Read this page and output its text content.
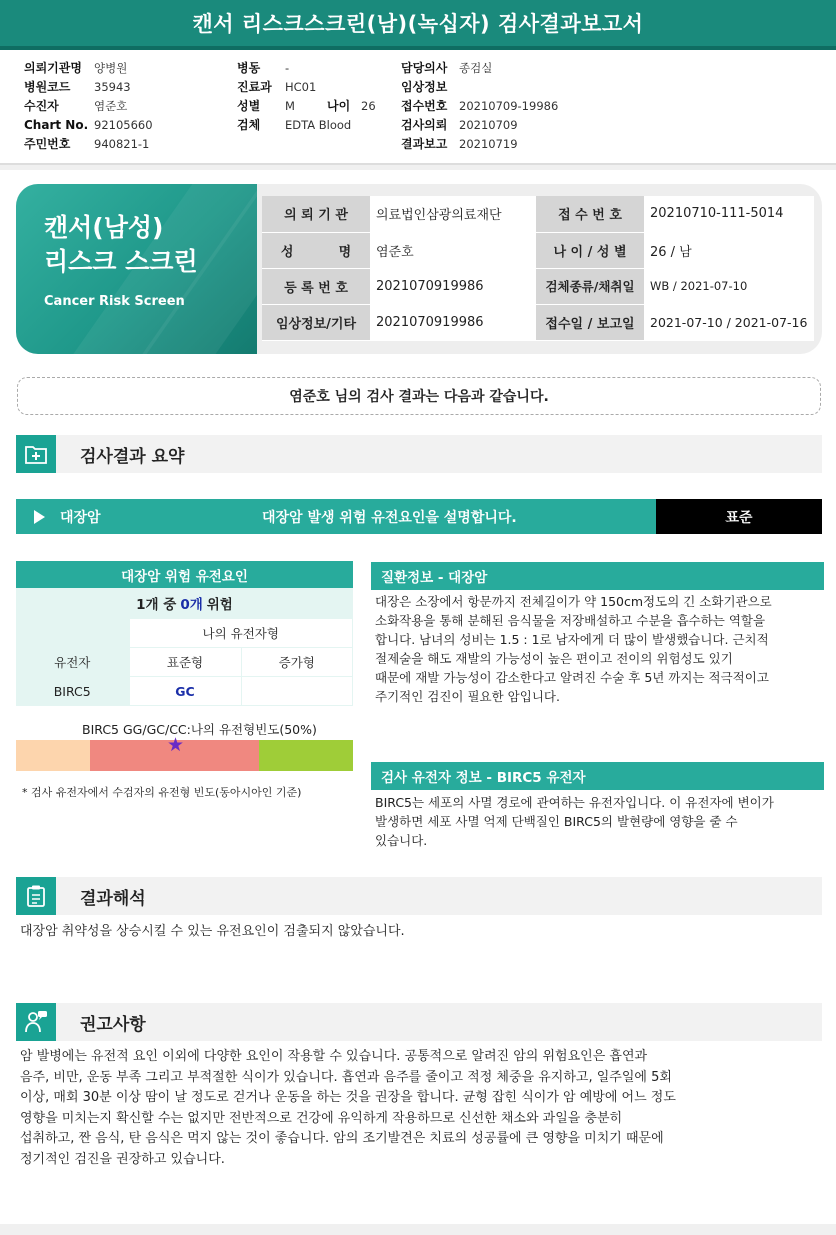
캔서 리스크스크린(남)(녹십자) 검사결과보고서
의뢰기관명	양병원
병원코드	35943
수진자	염준호
Chart No. 92105660
주민번호	940821-1
병동	-
진료과	HC01
성별	M	나이 26
검체	EDTA Blood
담당의사	종검실
임상정보
접수번호	20210709-19986
검사의뢰	20210709
결과보고	20210719
캔서(남성)
리스크 스크린
Cancer Risk Screen
의 뢰 기 관	의료법인삼광의료재단	접 수 번 호	20210710-111-5014
성          명	염준호	나 이 / 성 별	26 / 남
등 록 번 호	2021070919986	검체종류/채취일	WB / 2021-07-10
임상정보/기타	2021070919986	접수일 / 보고일	2021-07-10 / 2021-07-16
염준호 님의 검사 결과는 다음과 같습니다.
검사결과 요약
대장암	대장암 발생 위험 유전요인을 설명합니다.	표준
대장암 위험 유전요인
1개 중 0개 위험
	나의 유전자형	
유전자	표준형	증가형
BIRC5	GC	
BIRC5 GG/GC/CC:나의 유전형빈도(50%)
★
* 검사 유전자에서 수검자의 유전형 빈도(동아시아인 기준)
질환정보 - 대장암
대장은 소장에서 항문까지 전체길이가 약 150cm정도의 긴 소화기관으로
소화작용을 통해 분해된 음식물을 저장배설하고 수분을 흡수하는 역할을
합니다. 남녀의 성비는 1.5 : 1로 남자에게 더 많이 발생했습니다. 근치적
절제술을 해도 재발의 가능성이 높은 편이고 전이의 위험성도 있기
때문에 재발 가능성이 감소한다고 알려진 수술 후 5년 까지는 적극적이고
주기적인 검진이 필요한 암입니다.
검사 유전자 정보 - BIRC5 유전자
BIRC5는 세포의 사멸 경로에 관여하는 유전자입니다. 이 유전자에 변이가
발생하면 세포 사멸 억제 단백질인 BIRC5의 발현량에 영향을 줄 수
있습니다.
결과해석
대장암 취약성을 상승시킬 수 있는 유전요인이 검출되지 않았습니다.
권고사항
암 발병에는 유전적 요인 이외에 다양한 요인이 작용할 수 있습니다. 공통적으로 알려진 암의 위험요인은 흡연과
음주, 비만, 운동 부족 그리고 부적절한 식이가 있습니다. 흡연과 음주를 줄이고 적정 체중을 유지하고, 일주일에 5회
이상, 매회 30분 이상 땀이 날 정도로 걷거나 운동을 하는 것을 권장을 합니다. 균형 잡힌 식이가 암 예방에 어느 정도
영향을 미치는지 확신할 수는 없지만 전반적으로 건강에 유익하게 작용하므로 신선한 채소와 과일을 충분히
섭취하고, 짠 음식, 탄 음식은 먹지 않는 것이 좋습니다. 암의 조기발견은 치료의 성공률에 큰 영향을 미치기 때문에
정기적인 검진을 권장하고 있습니다.
